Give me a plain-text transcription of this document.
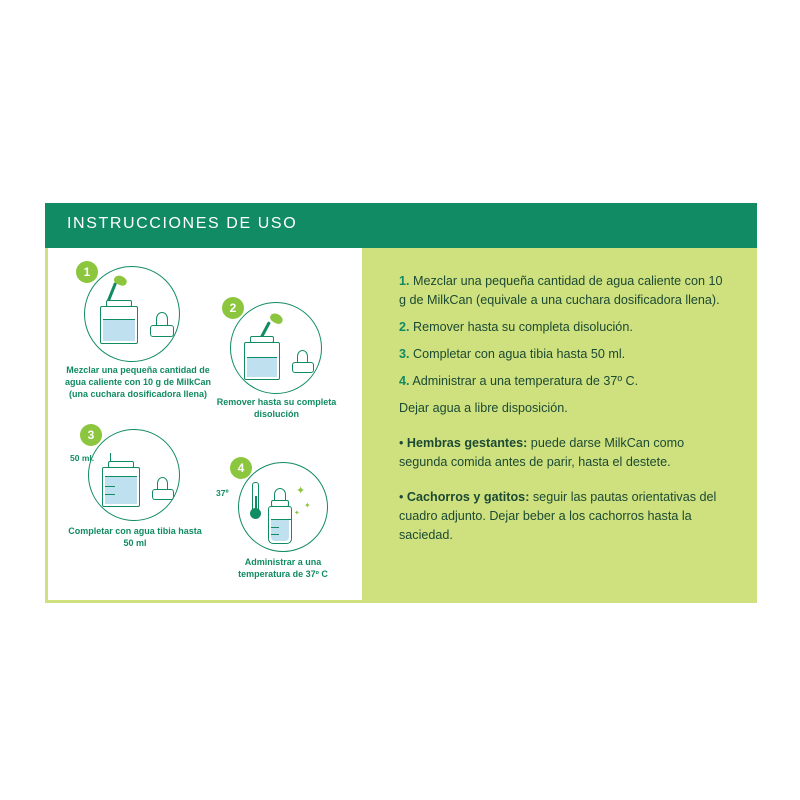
INSTRUCCIONES DE USO
1
Mezclar una pequeña cantidad de agua caliente con 10 g de MilkCan (una cuchara dosificadora llena)
2
Remover hasta su completa disolución
3
50 ml.
Completar con agua tibia hasta 50 ml
4
37º	✦
✦
✦
Administrar a una temperatura de 37º C
1. Mezclar una pequeña cantidad de agua caliente con 10 g de MilkCan (equivale a una cuchara dosificadora llena).
2. Remover hasta su completa disolución.
3. Completar con agua tibia hasta 50 ml.
4. Administrar a una temperatura de 37º C.
Dejar agua a libre disposición.
• Hembras gestantes: puede darse MilkCan como segunda comida antes de parir, hasta el destete.
• Cachorros y gatitos: seguir las pautas orientativas del cuadro adjunto. Dejar beber a los cachorros hasta la saciedad.
